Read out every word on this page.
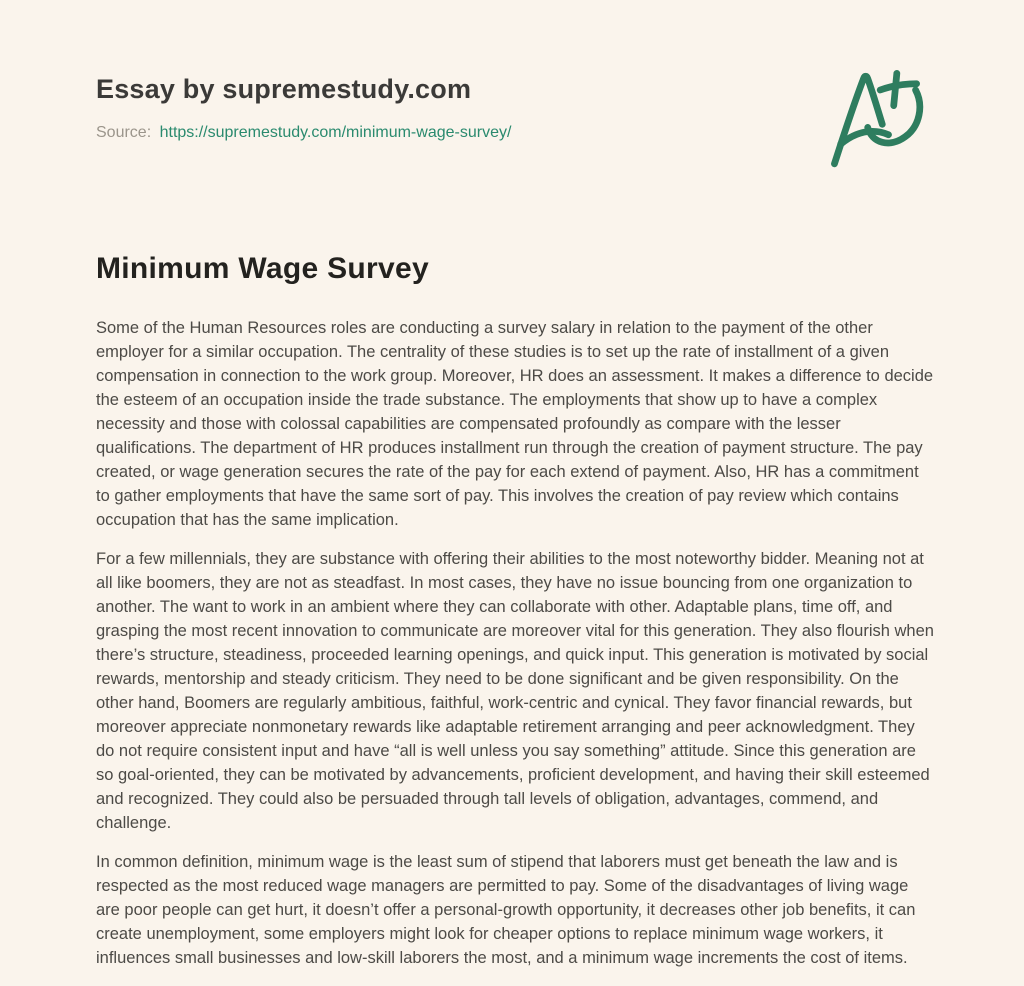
Essay by supremestudy.com
Source: https://supremestudy.com/minimum-wage-survey/
Minimum Wage Survey

Some of the Human Resources roles are conducting a survey salary in relation to the payment of the other employer for a similar occupation. The centrality of these studies is to set up the rate of installment of a given compensation in connection to the work group. Moreover, HR does an assessment. It makes a difference to decide the esteem of an occupation inside the trade substance. The employments that show up to have a complex necessity and those with colossal capabilities are compensated profoundly as compare with the lesser qualifications. The department of HR produces installment run through the creation of payment structure. The pay created, or wage generation secures the rate of the pay for each extend of payment. Also, HR has a commitment to gather employments that have the same sort of pay. This involves the creation of pay review which contains occupation that has the same implication.

For a few millennials, they are substance with offering their abilities to the most noteworthy bidder. Meaning not at all like boomers, they are not as steadfast. In most cases, they have no issue bouncing from one organization to another. The want to work in an ambient where they can collaborate with other. Adaptable plans, time off, and grasping the most recent innovation to communicate are moreover vital for this generation. They also flourish when there’s structure, steadiness, proceeded learning openings, and quick input. This generation is motivated by social rewards, mentorship and steady criticism. They need to be done significant and be given responsibility. On the other hand, Boomers are regularly ambitious, faithful, work-centric and cynical. They favor financial rewards, but moreover appreciate nonmonetary rewards like adaptable retirement arranging and peer acknowledgment. They do not require consistent input and have “all is well unless you say something” attitude. Since this generation are so goal-oriented, they can be motivated by advancements, proficient development, and having their skill esteemed and recognized. They could also be persuaded through tall levels of obligation, advantages, commend, and challenge.

In common definition, minimum wage is the least sum of stipend that laborers must get beneath the law and is respected as the most reduced wage managers are permitted to pay. Some of the disadvantages of living wage are poor people can get hurt, it doesn’t offer a personal-growth opportunity, it decreases other job benefits, it can create unemployment, some employers might look for cheaper options to replace minimum wage workers, it influences small businesses and low-skill laborers the most, and a minimum wage increments the cost of items.
